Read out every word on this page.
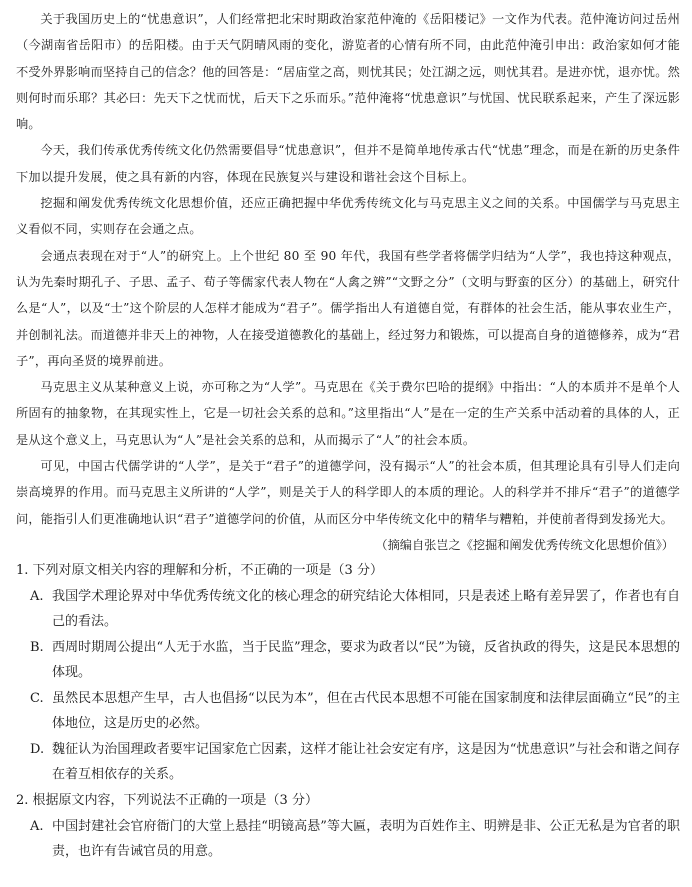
关于我国历史上的“忧患意识”，人们经常把北宋时期政治家范仲淹的《岳阳楼记》一文作为代表。范仲淹访问过岳州（今湖南省岳阳市）的岳阳楼。由于天气阴晴风雨的变化，游览者的心情有所不同，由此范仲淹引申出：政治家如何才能不受外界影响而坚持自己的信念？他的回答是：“居庙堂之高，则忧其民；处江湖之远，则忧其君。是进亦忧，退亦忧。然则何时而乐耶？其必曰：先天下之忧而忧，后天下之乐而乐。”范仲淹将“忧患意识”与忧国、忧民联系起来，产生了深远影响。

今天，我们传承优秀传统文化仍然需要倡导“忧患意识”，但并不是简单地传承古代“忧患”理念，而是在新的历史条件下加以提升发展，使之具有新的内容，体现在民族复兴与建设和谐社会这个目标上。

挖掘和阐发优秀传统文化思想价值，还应正确把握中华优秀传统文化与马克思主义之间的关系。中国儒学与马克思主义看似不同，实则存在会通之点。

会通点表现在对于“人”的研究上。上个世纪 80 至 90 年代，我国有些学者将儒学归结为“人学”，我也持这种观点，认为先秦时期孔子、子思、孟子、荀子等儒家代表人物在“人禽之辨”“文野之分”（文明与野蛮的区分）的基础上，研究什么是“人”，以及“士”这个阶层的人怎样才能成为“君子”。儒学指出人有道德自觉，有群体的社会生活，能从事农业生产，并创制礼法。而道德并非天上的神物，人在接受道德教化的基础上，经过努力和锻炼，可以提高自身的道德修养，成为“君子”，再向圣贤的境界前进。

马克思主义从某种意义上说，亦可称之为“人学”。马克思在《关于费尔巴哈的提纲》中指出：“人的本质并不是单个人所固有的抽象物，在其现实性上，它是一切社会关系的总和。”这里指出“人”是在一定的生产关系中活动着的具体的人，正是从这个意义上，马克思认为“人”是社会关系的总和，从而揭示了“人”的社会本质。

可见，中国古代儒学讲的“人学”，是关于“君子”的道德学问，没有揭示“人”的社会本质，但其理论具有引导人们走向崇高境界的作用。而马克思主义所讲的“人学”，则是关于人的科学即人的本质的理论。人的科学并不排斥“君子”的道德学问，能指引人们更准确地认识“君子”道德学问的价值，从而区分中华传统文化中的精华与糟粕，并使前者得到发扬光大。

（摘编自张岂之《挖掘和阐发优秀传统文化思想价值》）

1. 下列对原文相关内容的理解和分析，不正确的一项是（3 分）

A. 我国学术理论界对中华优秀传统文化的核心理念的研究结论大体相同，只是表述上略有差异罢了，作者也有自己的看法。
B. 西周时期周公提出“人无于水监，当于民监”理念，要求为政者以“民”为镜，反省执政的得失，这是民本思想的体现。
C. 虽然民本思想产生早，古人也倡扬“以民为本”，但在古代民本思想不可能在国家制度和法律层面确立“民”的主体地位，这是历史的必然。
D. 魏征认为治国理政者要牢记国家危亡因素，这样才能让社会安定有序，这是因为“忧患意识”与社会和谐之间存在着互相依存的关系。

2. 根据原文内容，下列说法不正确的一项是（3 分）

A. 中国封建社会官府衙门的大堂上悬挂“明镜高悬”等大匾，表明为百姓作主、明辨是非、公正无私是为官者的职责，也许有告诫官员的用意。
